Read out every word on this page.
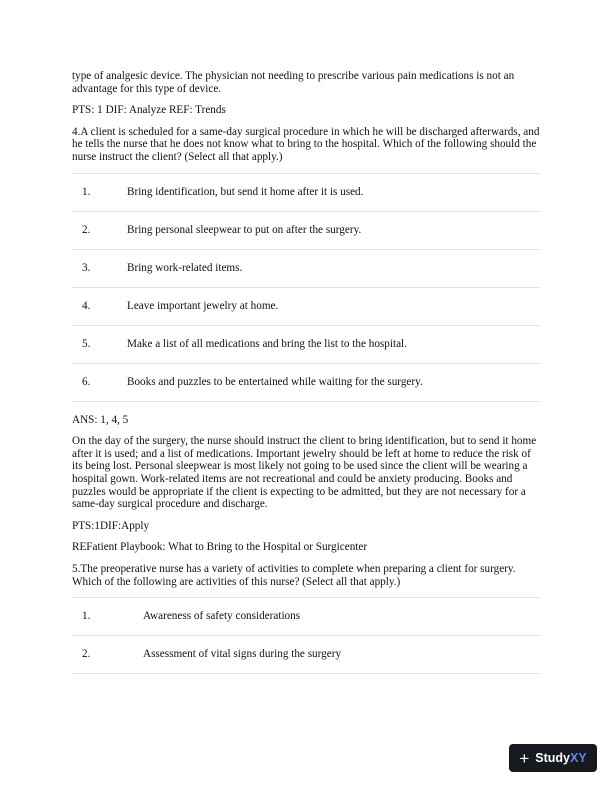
type of analgesic device. The physician not needing to prescribe various pain medications is not an advantage for this type of device.

PTS: 1 DIF: Analyze REF: Trends

4.A client is scheduled for a same-day surgical procedure in which he will be discharged afterwards, and he tells the nurse that he does not know what to bring to the hospital. Which of the following should the nurse instruct the client? (Select all that apply.)

1.	Bring identification, but send it home after it is used.
2.	Bring personal sleepwear to put on after the surgery.
3.	Bring work-related items.
4.	Leave important jewelry at home.
5.	Make a list of all medications and bring the list to the hospital.
6.	Books and puzzles to be entertained while waiting for the surgery.

ANS: 1, 4, 5

On the day of the surgery, the nurse should instruct the client to bring identification, but to send it home after it is used; and a list of medications. Important jewelry should be left at home to reduce the risk of its being lost. Personal sleepwear is most likely not going to be used since the client will be wearing a hospital gown. Work-related items are not recreational and could be anxiety producing. Books and puzzles would be appropriate if the client is expecting to be admitted, but they are not necessary for a same-day surgical procedure and discharge.

PTS:1DIF:Apply

REFatient Playbook: What to Bring to the Hospital or Surgicenter

5.The preoperative nurse has a variety of activities to complete when preparing a client for surgery. Which of the following are activities of this nurse? (Select all that apply.)

1.	Awareness of safety considerations
2.	Assessment of vital signs during the surgery
+ Study XY
